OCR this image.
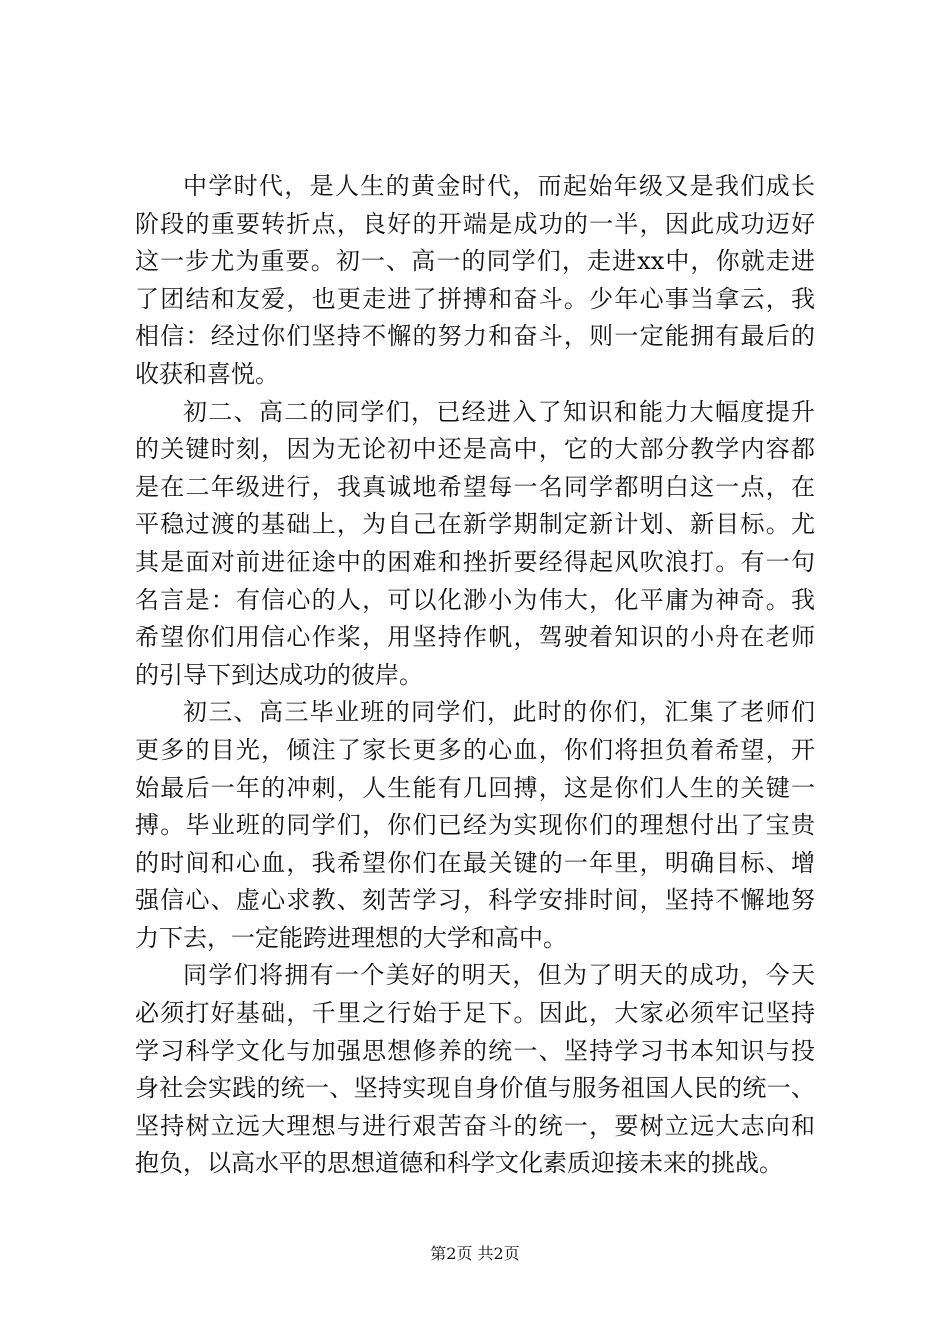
中学时代，是人生的黄金时代，而起始年级又是我们成长
阶段的重要转折点，良好的开端是成功的一半，因此成功迈好
这一步尤为重要。初一、高一的同学们，走进xx中，你就走进
了团结和友爱，也更走进了拼搏和奋斗。少年心事当拿云，我
相信：经过你们坚持不懈的努力和奋斗，则一定能拥有最后的
收获和喜悦。
初二、高二的同学们，已经进入了知识和能力大幅度提升
的关键时刻，因为无论初中还是高中，它的大部分教学内容都
是在二年级进行，我真诚地希望每一名同学都明白这一点，在
平稳过渡的基础上，为自己在新学期制定新计划、新目标。尤
其是面对前进征途中的困难和挫折要经得起风吹浪打。有一句
名言是：有信心的人，可以化渺小为伟大，化平庸为神奇。我
希望你们用信心作桨，用坚持作帆，驾驶着知识的小舟在老师
的引导下到达成功的彼岸。
初三、高三毕业班的同学们，此时的你们，汇集了老师们
更多的目光，倾注了家长更多的心血，你们将担负着希望，开
始最后一年的冲刺，人生能有几回搏，这是你们人生的关键一
搏。毕业班的同学们，你们已经为实现你们的理想付出了宝贵
的时间和心血，我希望你们在最关键的一年里，明确目标、增
强信心、虚心求教、刻苦学习，科学安排时间，坚持不懈地努
力下去，一定能跨进理想的大学和高中。
同学们将拥有一个美好的明天，但为了明天的成功，今天
必须打好基础，千里之行始于足下。因此，大家必须牢记坚持
学习科学文化与加强思想修养的统一、坚持学习书本知识与投
身社会实践的统一、坚持实现自身价值与服务祖国人民的统一、
坚持树立远大理想与进行艰苦奋斗的统一，要树立远大志向和
抱负，以高水平的思想道德和科学文化素质迎接未来的挑战。
第2页 共2页
